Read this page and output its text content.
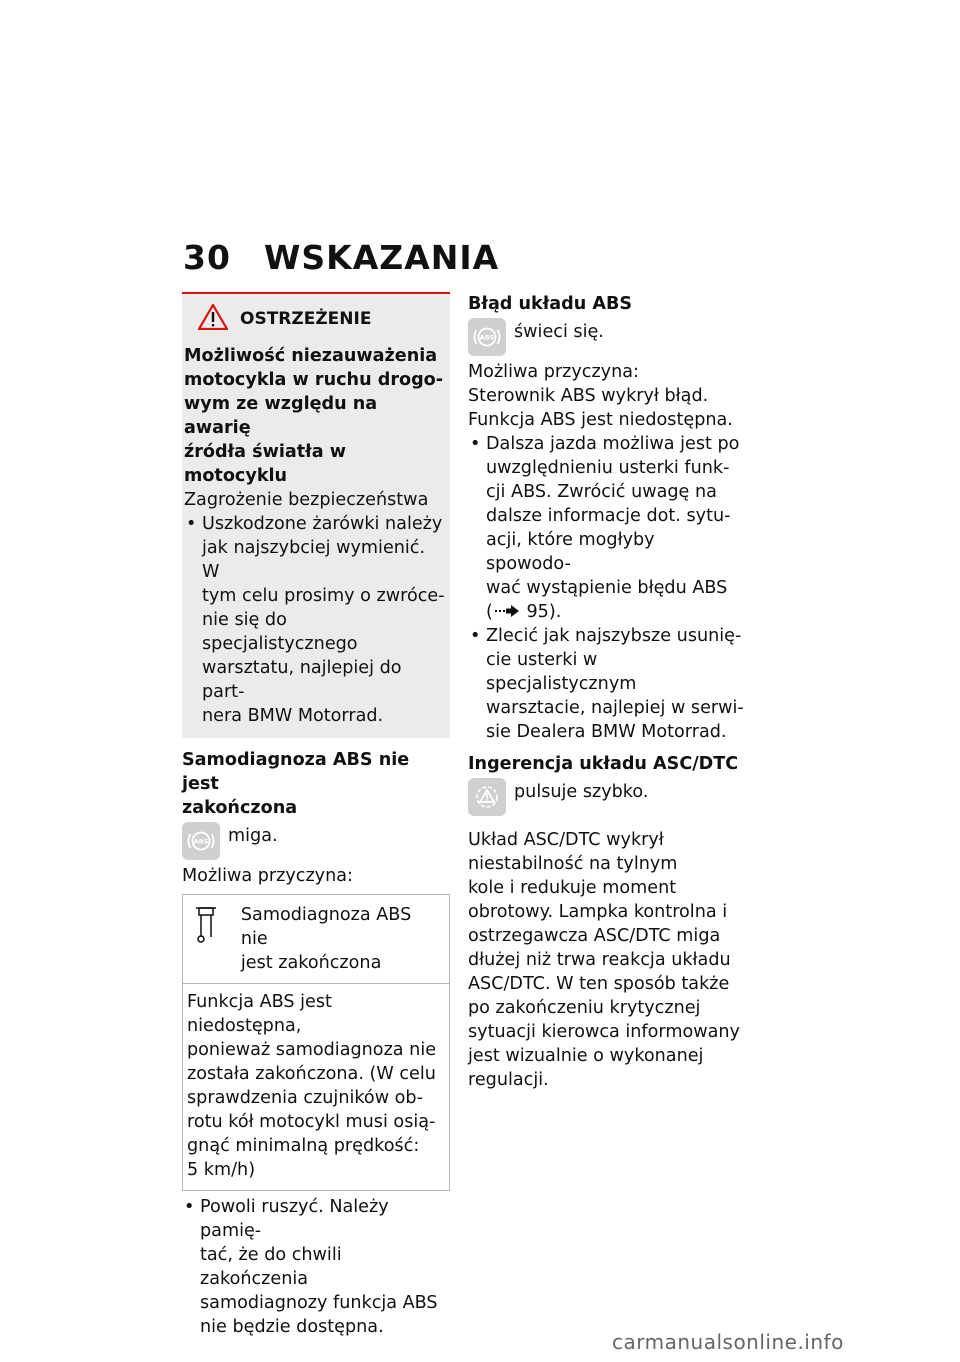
30 WSKAZANIA
OSTRZEŻENIE

Możliwość niezauważenia

motocykla w ruchu drogo-

wym ze względu na awarię

źródła światła w motocyklu

Zagrożenie bezpieczeństwa

• Uszkodzone żarówki należy
jak najszybciej wymienić. W
tym celu prosimy o zwróce-
nie się do specjalistycznego
warsztatu, najlepiej do part-
nera BMW Motorrad.

Samodiagnoza ABS nie jest

zakończona

ABS miga.

Możliwa przyczyna:

Samodiagnoza ABS nie

jest zakończona

Funkcja ABS jest niedostępna,
ponieważ samodiagnoza nie
została zakończona. (W celu
sprawdzenia czujników ob-
rotu kół motocykl musi osią-
gnąć minimalną prędkość:
5 km/h)
• Powoli ruszyć. Należy pamię-
tać, że do chwili zakończenia
samodiagnozy funkcja ABS
nie będzie dostępna.

Błąd układu ABS

ABS świeci się.

Możliwa przyczyna:

Sterownik ABS wykrył błąd.

Funkcja ABS jest niedostępna.

• Dalsza jazda możliwa jest po
uwzględnieniu usterki funk-
cji ABS. Zwrócić uwagę na
dalsze informacje dot. sytu-
acji, które mogłyby spowodo-
wać wystąpienie błędu ABS
( 95).
• Zlecić jak najszybsze usunię-
cie usterki w specjalistycznym
warsztacie, najlepiej w serwi-
sie Dealera BMW Motorrad.

Ingerencja układu ASC/DTC

pulsuje szybko.

Układ ASC/DTC wykrył

niestabilność na tylnym

kole i redukuje moment

obrotowy. Lampka kontrolna i

ostrzegawcza ASC/DTC miga

dłużej niż trwa reakcja układu

ASC/DTC. W ten sposób także

po zakończeniu krytycznej

sytuacji kierowca informowany

jest wizualnie o wykonanej

regulacji.

carmanualsonline.info
